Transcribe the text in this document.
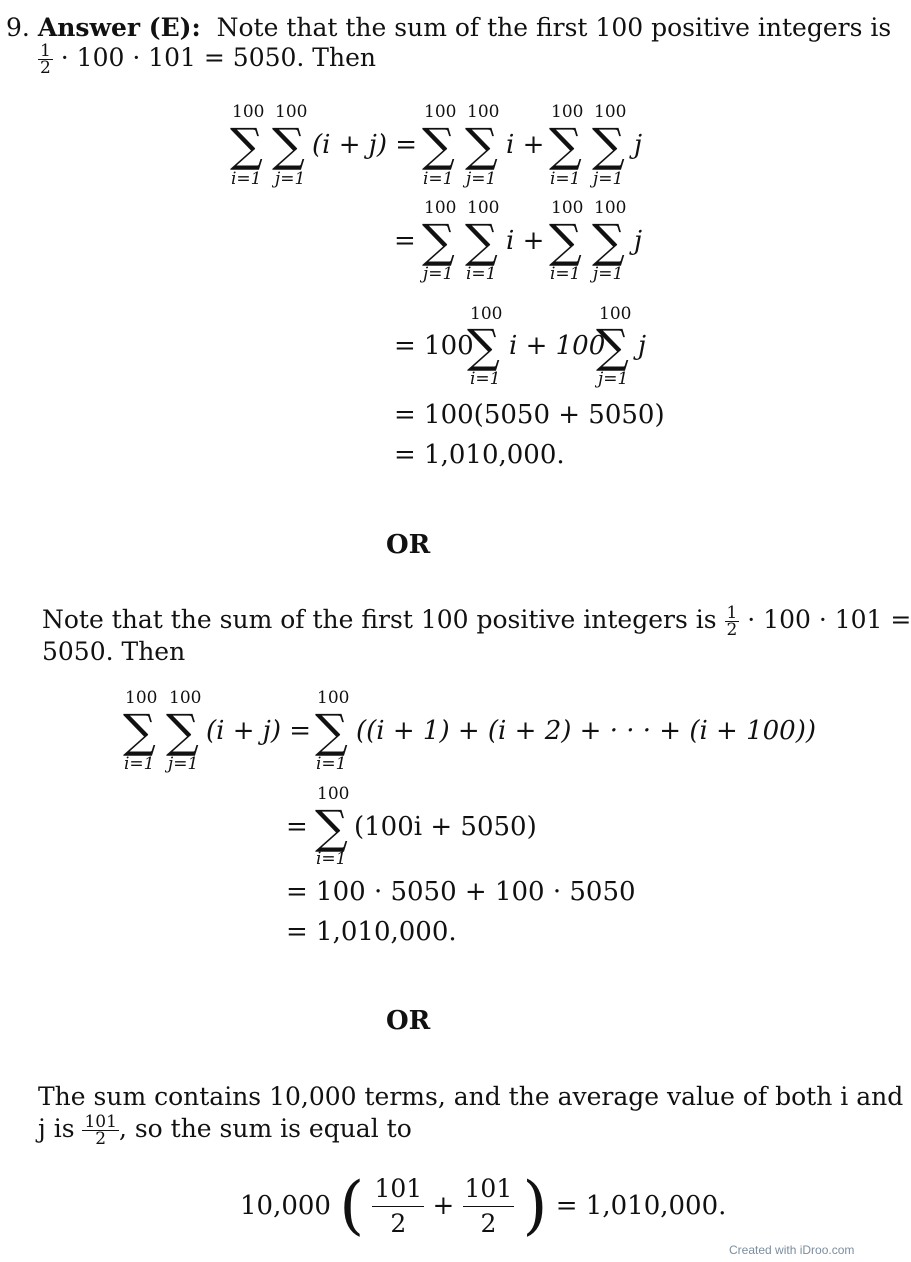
9. Answer (E): Note that the sum of the first 100 positive integers is
$\frac{1}{2} \cdot 100 \cdot 101 = 5050$. Then
100 100
∑ ∑
i=1 j=1
(i + j) =
100 100
∑ ∑
i=1 j=1
i +
100 100
∑ ∑
i=1 j=1
j
=
100 100
∑ ∑
j=1 i=1
i +
100 100
∑ ∑
i=1 j=1
j
= 100
100
∑
i=1
i + 100
100
∑
j=1
j
= 100(5050 + 5050)
= 1,010,000.
OR
Note that the sum of the first 100 positive integers is $\frac{1}{2} \cdot 100 \cdot 101$ =
5050. Then
100 100
∑ ∑
i=1 j=1
(i + j) =
100
∑
i=1
((i + 1) + (i + 2) + · · · + (i + 100))
=
100
∑
i=1
(100i + 5050)
= 100 · 5050 + 100 · 5050
= 1,010,000.
OR
The sum contains 10,000 terms, and the average value of both i and
j is $\frac{101}{2}$ , so the sum is equal to
10,000 ( $\frac{101}{2} + \frac{101}{2}$ ) = 1,010,000.
Created with iDroo.com
